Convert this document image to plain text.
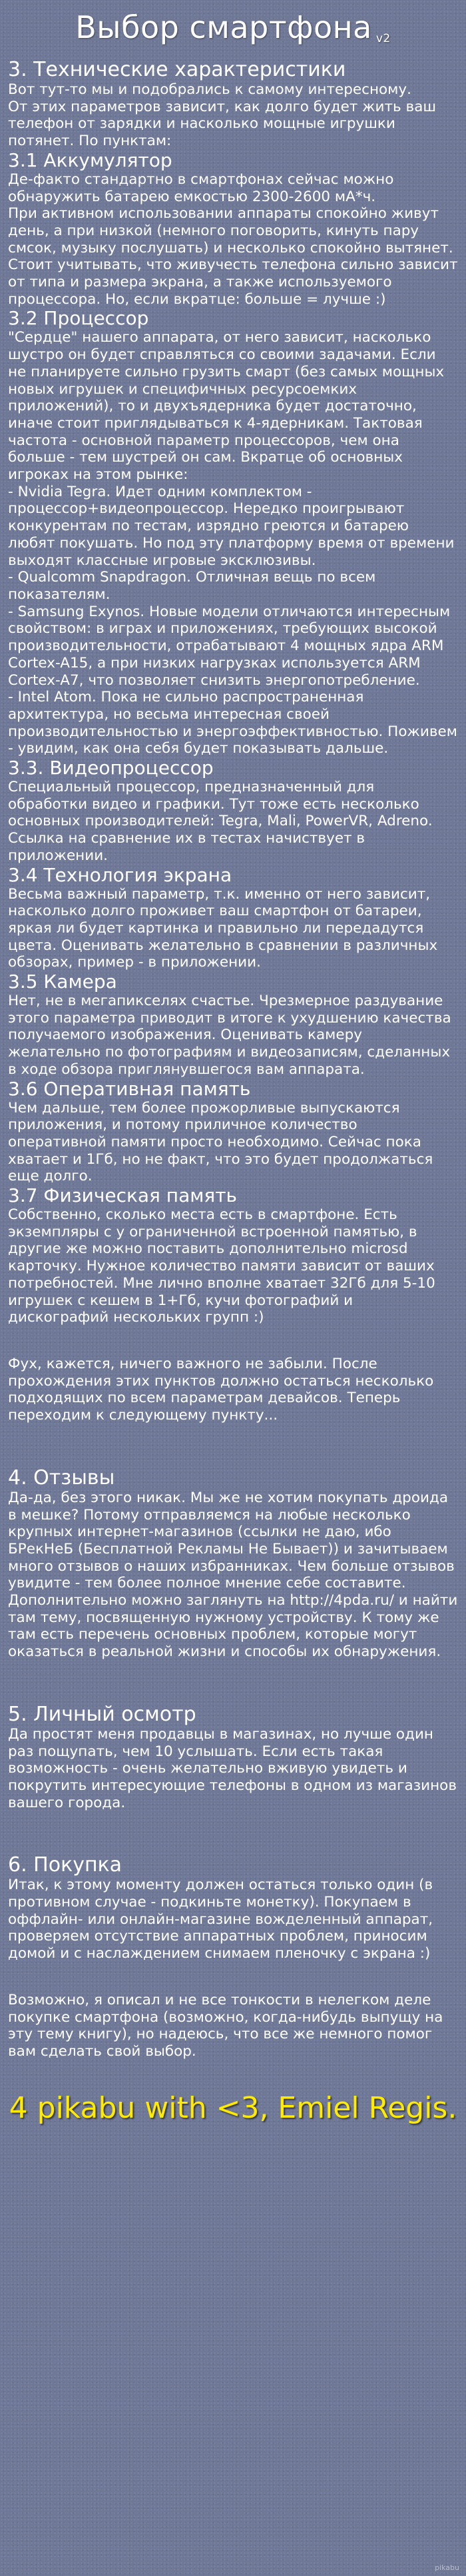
Выбор смартфона v2
3. Технические характеристики
Вот тут-то мы и подобрались к самому интересному.
От этих параметров зависит, как долго будет жить ваш телефон от зарядки и насколько мощные игрушки потянет. По пунктам:
3.1 Аккумулятор
Де-факто стандартно в смартфонах сейчас можно обнаружить батарею емкостью 2300-2600 мА*ч.
При активном использовании аппараты спокойно живут день, а при низкой (немного поговорить, кинуть пару смсок, музыку послушать) и несколько спокойно вытянет. Стоит учитывать, что живучесть телефона сильно зависит от типа и размера экрана, а также используемого процессора. Но, если вкратце: больше = лучше :)
3.2 Процессор
"Сердце" нашего аппарата, от него зависит, насколько шустро он будет справляться со своими задачами. Если не планируете сильно грузить смарт (без самых мощных новых игрушек и специфичных ресурсоемких приложений), то и двухъядерника будет достаточно, иначе стоит приглядываться к 4-ядерникам. Тактовая частота - основной параметр процессоров, чем она больше - тем шустрей он сам. Вкратце об основных игроках на этом рынке:
- Nvidia Tegra. Идет одним комплектом - процессор+видеопроцессор. Нередко проигрывают конкурентам по тестам, изрядно греются и батарею любят покушать. Но под эту платформу время от времени выходят классные игровые эксклюзивы.
- Qualcomm Snapdragon. Отличная вещь по всем показателям.
- Samsung Exynos. Новые модели отличаются интересным свойством: в играх и приложениях, требующих высокой производительности, отрабатывают 4 мощных ядра ARM Cortex-A15, а при низких нагрузках используется ARM Cortex-A7, что позволяет снизить энергопотребление.
- Intel Atom. Пока не сильно распространенная архитектура, но весьма интересная своей производительностью и энергоэффективностью. Поживем - увидим, как она себя будет показывать дальше.
3.3. Видеопроцессор
Специальный процессор, предназначенный для обработки видео и графики. Тут тоже есть несколько основных производителей: Tegra, Mali, PowerVR, Adreno. Ссылка на сравнение их в тестах начиствует в приложении.
3.4 Технология экрана
Весьма важный параметр, т.к. именно от него зависит, насколько долго проживет ваш смартфон от батареи, яркая ли будет картинка и правильно ли передадутся цвета. Оценивать желательно в сравнении в различных обзорах, пример - в приложении.
3.5 Камера
Нет, не в мегапикселях счастье. Чрезмерное раздувание этого параметра приводит в итоге к ухудшению качества получаемого изображения. Оценивать камеру желательно по фотографиям и видеозаписям, сделанных в ходе обзора приглянувшегося вам аппарата.
3.6 Оперативная память
Чем дальше, тем более прожорливые выпускаются приложения, и потому приличное количество оперативной памяти просто необходимо. Сейчас пока хватает и 1Гб, но не факт, что это будет продолжаться еще долго.
3.7 Физическая память
Собственно, сколько места есть в смартфоне. Есть экземпляры с у ограниченной встроенной памятью, в другие же можно поставить дополнительно microsd карточку. Нужное количество памяти зависит от ваших потребностей. Мне лично вполне хватает 32Гб для 5-10 игрушек с кешем в 1+Гб, кучи фотографий и дискографий нескольких групп :)
Фух, кажется, ничего важного не забыли. После прохождения этих пунктов должно остаться несколько подходящих по всем параметрам девайсов. Теперь переходим к следующему пункту...
4. Отзывы
Да-да, без этого никак. Мы же не хотим покупать дроида в мешке? Потому отправляемся на любые несколько крупных интернет-магазинов (ссылки не даю, ибо БРекНеБ (Бесплатной Рекламы Не Бывает)) и зачитываем много отзывов о наших избранниках. Чем больше отзывов увидите - тем более полное мнение себе составите. Дополнительно можно заглянуть на http://4pda.ru/ и найти там тему, посвященную нужному устройству. К тому же там есть перечень основных проблем, которые могут оказаться в реальной жизни и способы их обнаружения.
5. Личный осмотр
Да простят меня продавцы в магазинах, но лучше один раз пощупать, чем 10 услышать. Если есть такая возможность - очень желательно вживую увидеть и покрутить интересующие телефоны в одном из магазинов вашего города.
6. Покупка
Итак, к этому моменту должен остаться только один (в противном случае - подкиньте монетку). Покупаем в оффлайн- или онлайн-магазине вожделенный аппарат, проверяем отсутствие аппаратных проблем, приносим домой и с наслаждением снимаем пленочку с экрана :)
Возможно, я описал и не все тонкости в нелегком деле покупке смартфона (возможно, когда-нибудь выпущу на эту тему книгу), но надеюсь, что все же немного помог вам сделать свой выбор.
4 pikabu with <3, Emiel Regis.
pikabu
